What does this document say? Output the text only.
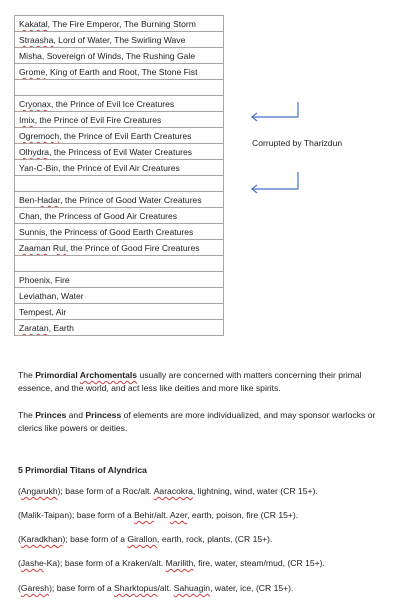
Kakatal, The Fire Emperor, The Burning Storm
Straasha, Lord of Water, The Swirling Wave
Misha, Sovereign of Winds, The Rushing Gale
Grome, King of Earth and Root, The Stone Fist
Cryonax, the Prince of Evil Ice Creatures
Imix, the Prince of Evil Fire Creatures
Ogremoch, the Prince of Evil Earth Creatures
Olhydra, the Princess of Evil Water Creatures
Yan-C-Bin, the Prince of Evil Air Creatures
Ben-Hadar, the Prince of Good Water Creatures
Chan, the Princess of Good Air Creatures
Sunnis, the Princess of Good Earth Creatures
Zaaman Rul, the Prince of Good Fire Creatures
Phoenix, Fire
Leviathan, Water
Tempest, Air
Zaratan, Earth
Corrupted by Tharizdun
The Primordial Archomentals usually are concerned with matters concerning their primal essence, and the world, and act less like deities and more like spirits.
The Princes and Princess of elements are more individualized, and may sponsor warlocks or clerics like powers or deities.
5 Primordial Titans of Alyndrica
(Angarukh); base form of a Roc/alt. Aaracokra, lightning, wind, water (CR 15+).
(Malik-Taipan); base form of a Behir/alt. Azer, earth, poison, fire (CR 15+).
(Karadkhan); base form of a Girallon, earth, rock, plants, (CR 15+).
(Jashe-Ka); base form of a Kraken/alt. Marilith, fire, water, steam/mud, (CR 15+).
(Garesh); base form of a Sharktopus/alt. Sahuagin, water, ice, (CR 15+).
